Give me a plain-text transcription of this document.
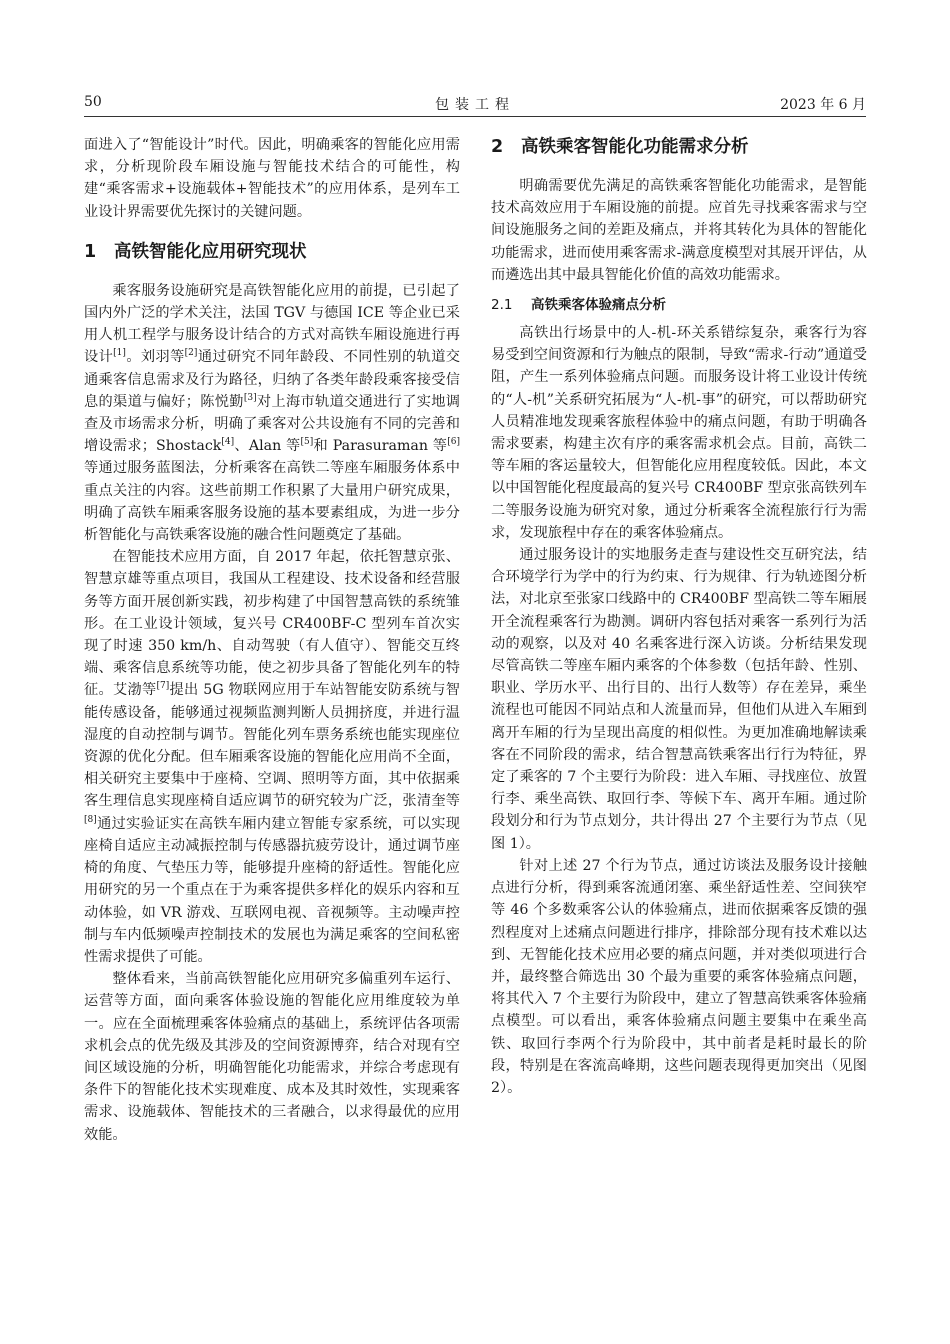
50	包装工程	2023 年 6 月

面进入了“智能设计”时代。因此，明确乘客的智能化应用需求，分析现阶段车厢设施与智能技术结合的可能性，构建“乘客需求+设施载体+智能技术”的应用体系，是列车工业设计界需要优先探讨的关键问题。

1 高铁智能化应用研究现状

乘客服务设施研究是高铁智能化应用的前提，已引起了国内外广泛的学术关注，法国 TGV 与德国 ICE 等企业已采用人机工程学与服务设计结合的方式对高铁车厢设施进行再设计[1]。刘羽等[2]通过研究不同年龄段、不同性别的轨道交通乘客信息需求及行为路径，归纳了各类年龄段乘客接受信息的渠道与偏好；陈悦勤[3]对上海市轨道交通进行了实地调查及市场需求分析，明确了乘客对公共设施有不同的完善和增设需求；Shostack[4]、Alan 等[5]和 Parasuraman 等[6]等通过服务蓝图法，分析乘客在高铁二等座车厢服务体系中重点关注的内容。这些前期工作积累了大量用户研究成果，明确了高铁车厢乘客服务设施的基本要素组成，为进一步分析智能化与高铁乘客设施的融合性问题奠定了基础。

在智能技术应用方面，自 2017 年起，依托智慧京张、智慧京雄等重点项目，我国从工程建设、技术设备和经营服务等方面开展创新实践，初步构建了中国智慧高铁的系统雏形。在工业设计领域，复兴号 CR400BF-C 型列车首次实现了时速 350 km/h、自动驾驶（有人值守）、智能交互终端、乘客信息系统等功能，使之初步具备了智能化列车的特征。艾渤等[7]提出 5G 物联网应用于车站智能安防系统与智能传感设备，能够通过视频监测判断人员拥挤度，并进行温湿度的自动控制与调节。智能化列车票务系统也能实现座位资源的优化分配。但车厢乘客设施的智能化应用尚不全面，相关研究主要集中于座椅、空调、照明等方面，其中依据乘客生理信息实现座椅自适应调节的研究较为广泛，张清奎等[8]通过实验证实在高铁车厢内建立智能专家系统，可以实现座椅自适应主动减振控制与传感器抗疲劳设计，通过调节座椅的角度、气垫压力等，能够提升座椅的舒适性。智能化应用研究的另一个重点在于为乘客提供多样化的娱乐内容和互动体验，如 VR 游戏、互联网电视、音视频等。主动噪声控制与车内低频噪声控制技术的发展也为满足乘客的空间私密性需求提供了可能。

整体看来，当前高铁智能化应用研究多偏重列车运行、运营等方面，面向乘客体验设施的智能化应用维度较为单一。应在全面梳理乘客体验痛点的基础上，系统评估各项需求机会点的优先级及其涉及的空间资源博弈，结合对现有空间区域设施的分析，明确智能化功能需求，并综合考虑现有条件下的智能化技术实现难度、成本及其时效性，实现乘客需求、设施载体、智能技术的三者融合，以求得最优的应用效能。

2 高铁乘客智能化功能需求分析

明确需要优先满足的高铁乘客智能化功能需求，是智能技术高效应用于车厢设施的前提。应首先寻找乘客需求与空间设施服务之间的差距及痛点，并将其转化为具体的智能化功能需求，进而使用乘客需求-满意度模型对其展开评估，从而遴选出其中最具智能化价值的高效功能需求。

2.1 高铁乘客体验痛点分析

高铁出行场景中的人-机-环关系错综复杂，乘客行为容易受到空间资源和行为触点的限制，导致“需求-行动”通道受阻，产生一系列体验痛点问题。而服务设计将工业设计传统的“人-机”关系研究拓展为“人-机-事”的研究，可以帮助研究人员精准地发现乘客旅程体验中的痛点问题，有助于明确各需求要素，构建主次有序的乘客需求机会点。目前，高铁二等车厢的客运量较大，但智能化应用程度较低。因此，本文以中国智能化程度最高的复兴号 CR400BF 型京张高铁列车二等服务设施为研究对象，通过分析乘客全流程旅行行为需求，发现旅程中存在的乘客体验痛点。

通过服务设计的实地服务走查与建设性交互研究法，结合环境学行为学中的行为约束、行为规律、行为轨迹图分析法，对北京至张家口线路中的 CR400BF 型高铁二等车厢展开全流程乘客行为勘测。调研内容包括对乘客一系列行为活动的观察，以及对 40 名乘客进行深入访谈。分析结果发现尽管高铁二等座车厢内乘客的个体参数（包括年龄、性别、职业、学历水平、出行目的、出行人数等）存在差异，乘坐流程也可能因不同站点和人流量而异，但他们从进入车厢到离开车厢的行为呈现出高度的相似性。为更加准确地解读乘客在不同阶段的需求，结合智慧高铁乘客出行行为特征，界定了乘客的 7 个主要行为阶段：进入车厢、寻找座位、放置行李、乘坐高铁、取回行李、等候下车、离开车厢。通过阶段划分和行为节点划分，共计得出 27 个主要行为节点（见图 1）。

针对上述 27 个行为节点，通过访谈法及服务设计接触点进行分析，得到乘客流通闭塞、乘坐舒适性差、空间狭窄等 46 个多数乘客公认的体验痛点，进而依据乘客反馈的强烈程度对上述痛点问题进行排序，排除部分现有技术难以达到、无智能化技术应用必要的痛点问题，并对类似项进行合并，最终整合筛选出 30 个最为重要的乘客体验痛点问题，将其代入 7 个主要行为阶段中，建立了智慧高铁乘客体验痛点模型。可以看出，乘客体验痛点问题主要集中在乘坐高铁、取回行李两个行为阶段中，其中前者是耗时最长的阶段，特别是在客流高峰期，这些问题表现得更加突出（见图 2）。
